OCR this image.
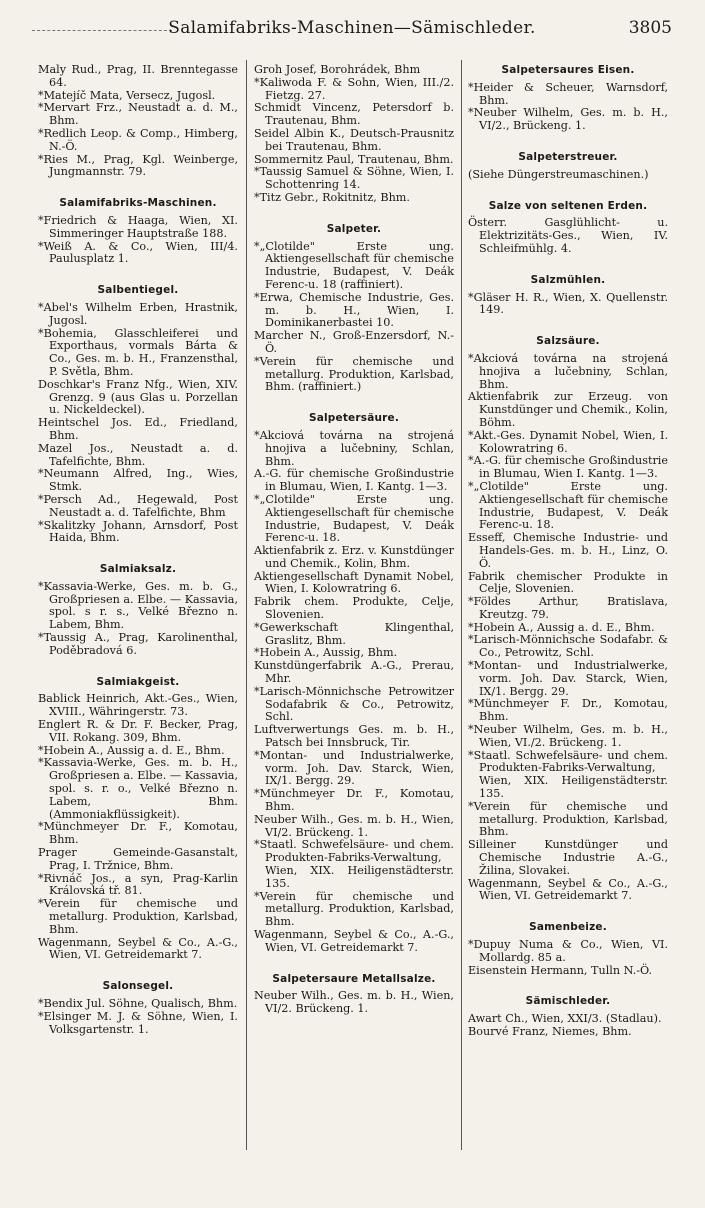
Salamifabriks-Maschinen—Sämischleder.	3805
Maly Rud., Prag, II. Brenntegasse 64.
*Matejíč Mata, Versecz, Jugosl.
*Mervart Frz., Neustadt a. d. M., Bhm.
*Redlich Leop. & Comp., Himberg, N.-Ö.
*Ries M., Prag, Kgl. Weinberge, Jungmannstr. 79.
Salamifabriks-Maschinen.
*Friedrich & Haaga, Wien, XI. Simmeringer Hauptstraße 188.
*Weiß A. & Co., Wien, III/4. Paulusplatz 1.
Salbentiegel.
*Abel's Wilhelm Erben, Hrastnik, Jugosl.
*Bohemia, Glasschleiferei und Exporthaus, vormals Bárta & Co., Ges. m. b. H., Franzensthal, P. Světla, Bhm.
Doschkar's Franz Nfg., Wien, XIV. Grenzg. 9 (aus Glas u. Porzellan u. Nickeldeckel).
Heintschel Jos. Ed., Friedland, Bhm.
Mazel Jos., Neustadt a. d. Tafelfichte, Bhm.
*Neumann Alfred, Ing., Wies, Stmk.
*Persch Ad., Hegewald, Post Neustadt a. d. Tafelfichte, Bhm
*Skalitzky Johann, Arnsdorf, Post Haida, Bhm.
Salmiaksalz.
*Kassavia-Werke, Ges. m. b. G., Großpriesen a. Elbe. — Kassavia, spol. s r. s., Velké Březno n. Labem, Bhm.
*Taussig A., Prag, Karolinenthal, Poděbradová 6.
Salmiakgeist.
Bablick Heinrich, Akt.-Ges., Wien, XVIII., Währingerstr. 73.
Englert R. & Dr. F. Becker, Prag, VII. Rokang. 309, Bhm.
*Hobein A., Aussig a. d. E., Bhm.
*Kassavia-Werke, Ges. m. b. H., Großpriesen a. Elbe. — Kassavia, spol. s. r. o., Velké Březno n. Labem, Bhm. (Ammoniakflüssigkeit).
*Münchmeyer Dr. F., Komotau, Bhm.
Prager Gemeinde-Gasanstalt, Prag, I. Tržnice, Bhm.
*Rivnáč Jos., a syn, Prag-Karlin Královská tř. 81.
*Verein für chemische und metallurg. Produktion, Karlsbad, Bhm.
Wagenmann, Seybel & Co., A.-G., Wien, VI. Getreidemarkt 7.
Salonsegel.
*Bendix Jul. Söhne, Qualisch, Bhm.
*Elsinger M. J. & Söhne, Wien, I. Volksgartenstr. 1.
Groh Josef, Borohrádek, Bhm
*Kaliwoda F. & Sohn, Wien, III./2. Fietzg. 27.
Schmidt Vincenz, Petersdorf b. Trautenau, Bhm.
Seidel Albin K., Deutsch-Prausnitz bei Trautenau, Bhm.
Sommernitz Paul, Trautenau, Bhm.
*Taussig Samuel & Söhne, Wien, I. Schottenring 14.
*Titz Gebr., Rokitnitz, Bhm.
Salpeter.
*„Clotilde" Erste ung. Aktiengesellschaft für chemische Industrie, Budapest, V. Deák Ferenc-u. 18 (raffiniert).
*Erwa, Chemische Industrie, Ges. m. b. H., Wien, I. Dominikanerbastei 10.
Marcher N., Groß-Enzersdorf, N.-Ö.
*Verein für chemische und metallurg. Produktion, Karlsbad, Bhm. (raffiniert.)
Salpetersäure.
*Akciová továrna na strojená hnojiva a lučebniny, Schlan, Bhm.
A.-G. für chemische Großindustrie in Blumau, Wien, I. Kantg. 1—3.
*„Clotilde" Erste ung. Aktiengesellschaft für chemische Industrie, Budapest, V. Deák Ferenc-u. 18.
Aktienfabrik z. Erz. v. Kunstdünger und Chemik., Kolin, Bhm.
Aktiengesellschaft Dynamit Nobel, Wien, I. Kolowratring 6.
Fabrik chem. Produkte, Celje, Slovenien.
*Gewerkschaft Klingenthal, Graslitz, Bhm.
*Hobein A., Aussig, Bhm.
Kunstdüngerfabrik A.-G., Prerau, Mhr.
*Larisch-Mönnichsche Petrowitzer Sodafabrik & Co., Petrowitz, Schl.
Luftverwertungs Ges. m. b. H., Patsch bei Innsbruck, Tir.
*Montan- und Industrialwerke, vorm. Joh. Dav. Starck, Wien, IX/1. Bergg. 29.
*Münchmeyer Dr. F., Komotau, Bhm.
Neuber Wilh., Ges. m. b. H., Wien, VI/2. Brückeng. 1.
*Staatl. Schwefelsäure- und chem. Produkten-Fabriks-Verwaltung, Wien, XIX. Heiligenstädterstr. 135.
*Verein für chemische und metallurg. Produktion, Karlsbad, Bhm.
Wagenmann, Seybel & Co., A.-G., Wien, VI. Getreidemarkt 7.
Salpetersaure Metallsalze.
Neuber Wilh., Ges. m. b. H., Wien, VI/2. Brückeng. 1.
Salpetersaures Eisen.
*Heider & Scheuer, Warnsdorf, Bhm.
*Neuber Wilhelm, Ges. m. b. H., VI/2., Brückeng. 1.
Salpeterstreuer.
(Siehe Düngerstreumaschinen.)
Salze von seltenen Erden.
Österr. Gasglühlicht- u. Elektrizitäts-Ges., Wien, IV. Schleifmühlg. 4.
Salzmühlen.
*Gläser H. R., Wien, X. Quellenstr. 149.
Salzsäure.
*Akciová továrna na strojená hnojiva a lučebniny, Schlan, Bhm.
Aktienfabrik zur Erzeug. von Kunstdünger und Chemik., Kolin, Böhm.
*Akt.-Ges. Dynamit Nobel, Wien, I. Kolowratring 6.
*A.-G. für chemische Großindustrie in Blumau, Wien I. Kantg. 1—3.
*„Clotilde" Erste ung. Aktiengesellschaft für chemische Industrie, Budapest, V. Deák Ferenc-u. 18.
Esseff, Chemische Industrie- und Handels-Ges. m. b. H., Linz, O. Ö.
Fabrik chemischer Produkte in Celje, Slovenien.
*Földes Arthur, Bratislava, Kreutzg. 79.
*Hobein A., Aussig a. d. E., Bhm.
*Larisch-Mönnichsche Sodafabr. & Co., Petrowitz, Schl.
*Montan- und Industrialwerke, vorm. Joh. Dav. Starck, Wien, IX/1. Bergg. 29.
*Münchmeyer F. Dr., Komotau, Bhm.
*Neuber Wilhelm, Ges. m. b. H., Wien, VI./2. Brückeng. 1.
*Staatl. Schwefelsäure- und chem. Produkten-Fabriks-Verwaltung, Wien, XIX. Heiligenstädterstr. 135.
*Verein für chemische und metallurg. Produktion, Karlsbad, Bhm.
Silleiner Kunstdünger und Chemische Industrie A.-G., Žilina, Slovakei.
Wagenmann, Seybel & Co., A.-G., Wien, VI. Getreidemarkt 7.
Samenbeize.
*Dupuy Numa & Co., Wien, VI. Mollardg. 85 a.
Eisenstein Hermann, Tulln N.-Ö.
Sämischleder.
Awart Ch., Wien, XXI/3. (Stadlau).
Bourvé Franz, Niemes, Bhm.
